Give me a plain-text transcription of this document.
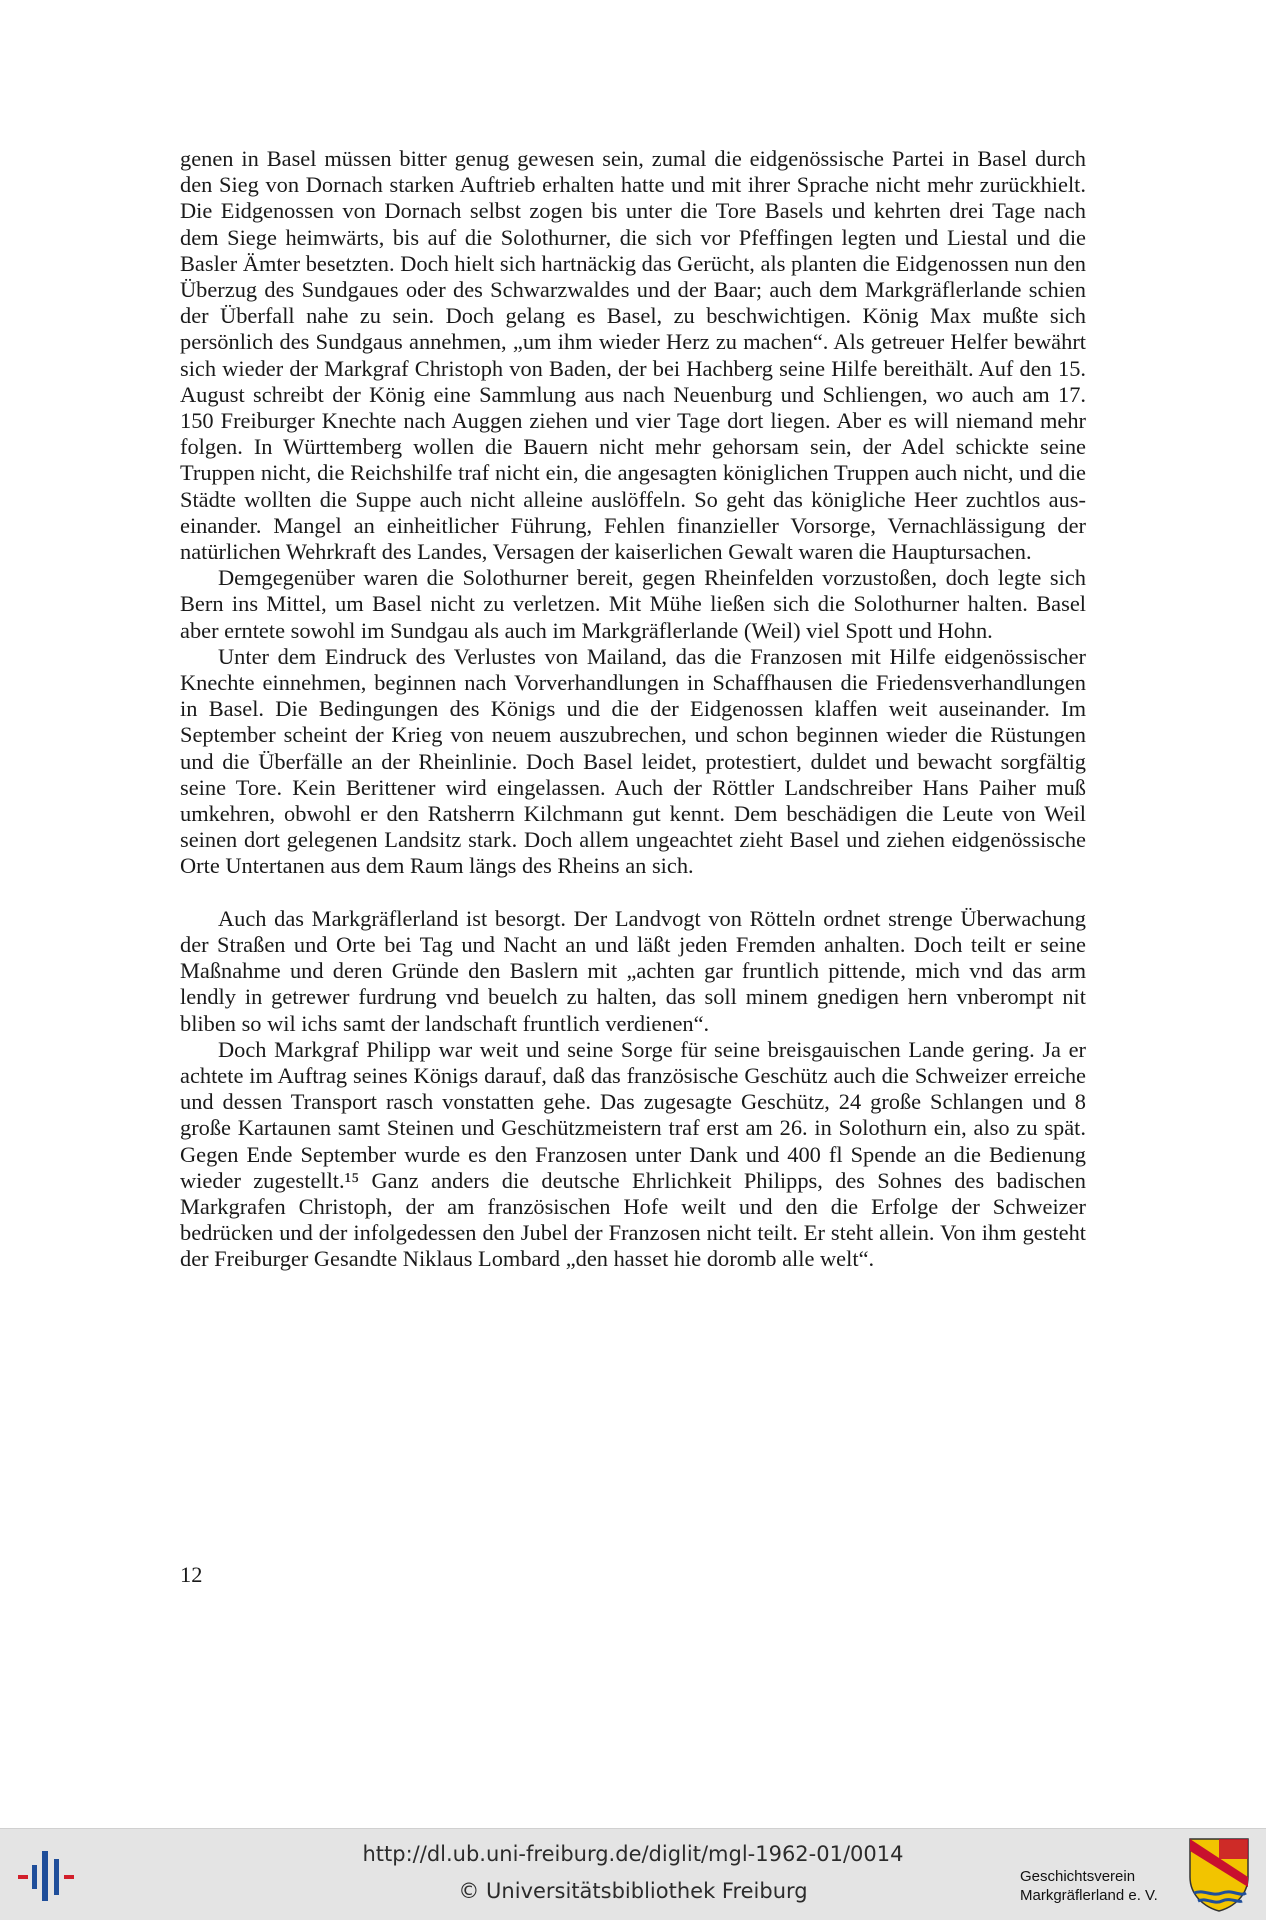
genen in Basel müssen bitter genug gewesen sein, zumal die eidgenössische Partei in Basel durch den Sieg von Dornach starken Auftrieb erhalten hatte und mit ihrer Sprache nicht mehr zurückhielt. Die Eidgenossen von Dornach selbst zogen bis unter die Tore Basels und kehrten drei Tage nach dem Siege heimwärts, bis auf die Solothurner, die sich vor Pfeffingen legten und Liestal und die Basler Ämter besetzten. Doch hielt sich hartnäckig das Gerücht, als planten die Eidgenossen nun den Überzug des Sundgaues oder des Schwarzwaldes und der Baar; auch dem Markgräflerlande schien der Überfall nahe zu sein. Doch gelang es Basel, zu beschwichtigen. König Max mußte sich persönlich des Sundgaus annehmen, „um ihm wieder Herz zu machen“. Als getreuer Helfer bewährt sich wieder der Markgraf Christoph von Baden, der bei Hachberg seine Hilfe bereithält. Auf den 15. August schreibt der König eine Sammlung aus nach Neuenburg und Schliengen, wo auch am 17. 150 Freiburger Knechte nach Auggen ziehen und vier Tage dort liegen. Aber es will niemand mehr folgen. In Württemberg wollen die Bauern nicht mehr gehorsam sein, der Adel schickte seine Truppen nicht, die Reichshilfe traf nicht ein, die angesagten königlichen Truppen auch nicht, und die Städte wollten die Suppe auch nicht alleine auslöffeln. So geht das königliche Heer zuchtlos auseinander. Mangel an einheitlicher Führung, Fehlen finanzieller Vorsorge, Vernachlässigung der natürlichen Wehrkraft des Landes, Versagen der kaiserlichen Gewalt waren die Hauptursachen.

Demgegenüber waren die Solothurner bereit, gegen Rheinfelden vorzustoßen, doch legte sich Bern ins Mittel, um Basel nicht zu verletzen. Mit Mühe ließen sich die Solothurner halten. Basel aber erntete sowohl im Sundgau als auch im Markgräflerlande (Weil) viel Spott und Hohn.

Unter dem Eindruck des Verlustes von Mailand, das die Franzosen mit Hilfe eidgenössischer Knechte einnehmen, beginnen nach Vorverhandlungen in Schaffhausen die Friedensverhandlungen in Basel. Die Bedingungen des Königs und die der Eidgenossen klaffen weit auseinander. Im September scheint der Krieg von neuem auszubrechen, und schon beginnen wieder die Rüstungen und die Überfälle an der Rheinlinie. Doch Basel leidet, protestiert, duldet und bewacht sorgfältig seine Tore. Kein Berittener wird eingelassen. Auch der Röttler Landschreiber Hans Paiher muß umkehren, obwohl er den Ratsherrn Kilchmann gut kennt. Dem beschädigen die Leute von Weil seinen dort gelegenen Landsitz stark. Doch allem ungeachtet zieht Basel und ziehen eidgenössische Orte Untertanen aus dem Raum längs des Rheins an sich.

Auch das Markgräflerland ist besorgt. Der Landvogt von Rötteln ordnet strenge Überwachung der Straßen und Orte bei Tag und Nacht an und läßt jeden Fremden anhalten. Doch teilt er seine Maßnahme und deren Gründe den Baslern mit „achten gar fruntlich pittende, mich vnd das arm lendly in getrewer furdrung vnd beuelch zu halten, das soll minem gnedigen hern vnberompt nit bliben so wil ichs samt der landschaft fruntlich verdienen“.

Doch Markgraf Philipp war weit und seine Sorge für seine breisgauischen Lande gering. Ja er achtete im Auftrag seines Königs darauf, daß das französische Geschütz auch die Schweizer erreiche und dessen Transport rasch vonstatten gehe. Das zugesagte Geschütz, 24 große Schlangen und 8 große Kartaunen samt Steinen und Geschützmeistern traf erst am 26. in Solothurn ein, also zu spät. Gegen Ende September wurde es den Franzosen unter Dank und 400 fl Spende an die Bedienung wieder zugestellt.¹⁵ Ganz anders die deutsche Ehrlichkeit Philipps, des Sohnes des badischen Markgrafen Christoph, der am französischen Hofe weilt und den die Erfolge der Schweizer bedrücken und der infolgedessen den Jubel der Franzosen nicht teilt. Er steht allein. Von ihm gesteht der Freiburger Gesandte Niklaus Lombard „den hasset hie doromb alle welt“.

12
http://dl.ub.uni-freiburg.de/diglit/mgl-1962-01/0014
© Universitätsbibliothek Freiburg
Geschichtsverein
Markgräflerland e. V.
